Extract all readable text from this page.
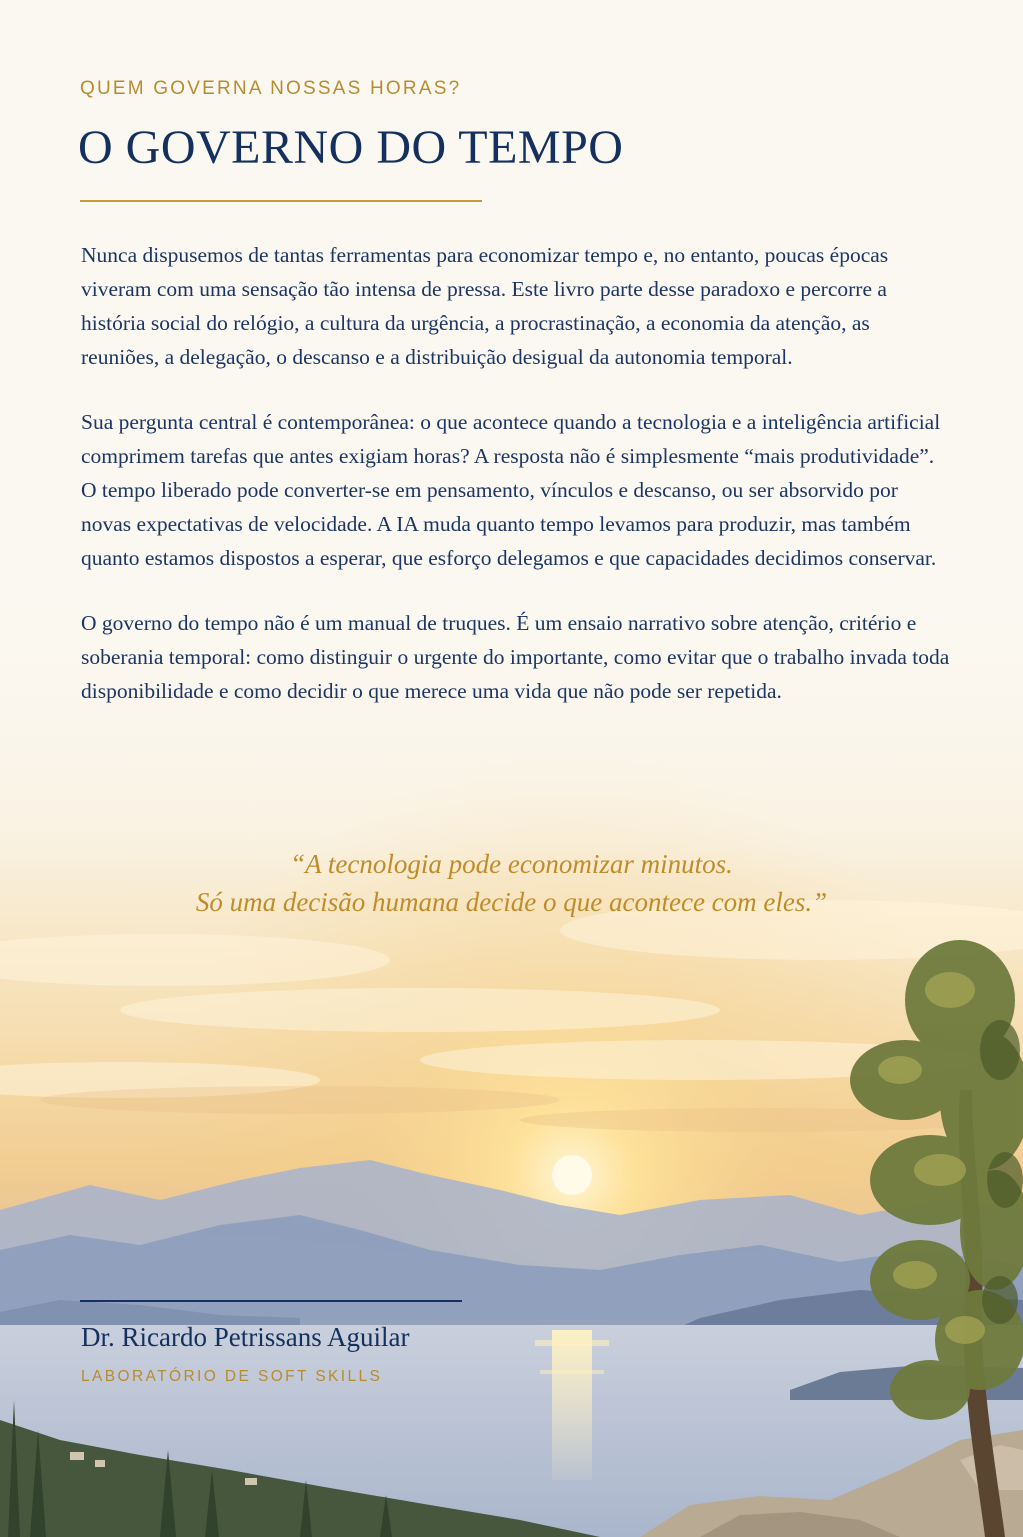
QUEM GOVERNA NOSSAS HORAS?
O GOVERNO DO TEMPO

Nunca dispusemos de tantas ferramentas para economizar tempo e, no entanto, poucas épocas viveram com uma sensação tão intensa de pressa. Este livro parte desse paradoxo e percorre a história social do relógio, a cultura da urgência, a procrastinação, a economia da atenção, as reuniões, a delegação, o descanso e a distribuição desigual da autonomia temporal.

Sua pergunta central é contemporânea: o que acontece quando a tecnologia e a inteligência artificial comprimem tarefas que antes exigiam horas? A resposta não é simplesmente “mais produtividade”. O tempo liberado pode converter-se em pensamento, vínculos e descanso, ou ser absorvido por novas expectativas de velocidade. A IA muda quanto tempo levamos para produzir, mas também quanto estamos dispostos a esperar, que esforço delegamos e que capacidades decidimos conservar.

O governo do tempo não é um manual de truques. É um ensaio narrativo sobre atenção, critério e soberania temporal: como distinguir o urgente do importante, como evitar que o trabalho invada toda disponibilidade e como decidir o que merece uma vida que não pode ser repetida.

“A tecnologia pode economizar minutos.
Só uma decisão humana decide o que acontece com eles.”
Dr. Ricardo Petrissans Aguilar
LABORATÓRIO DE SOFT SKILLS
